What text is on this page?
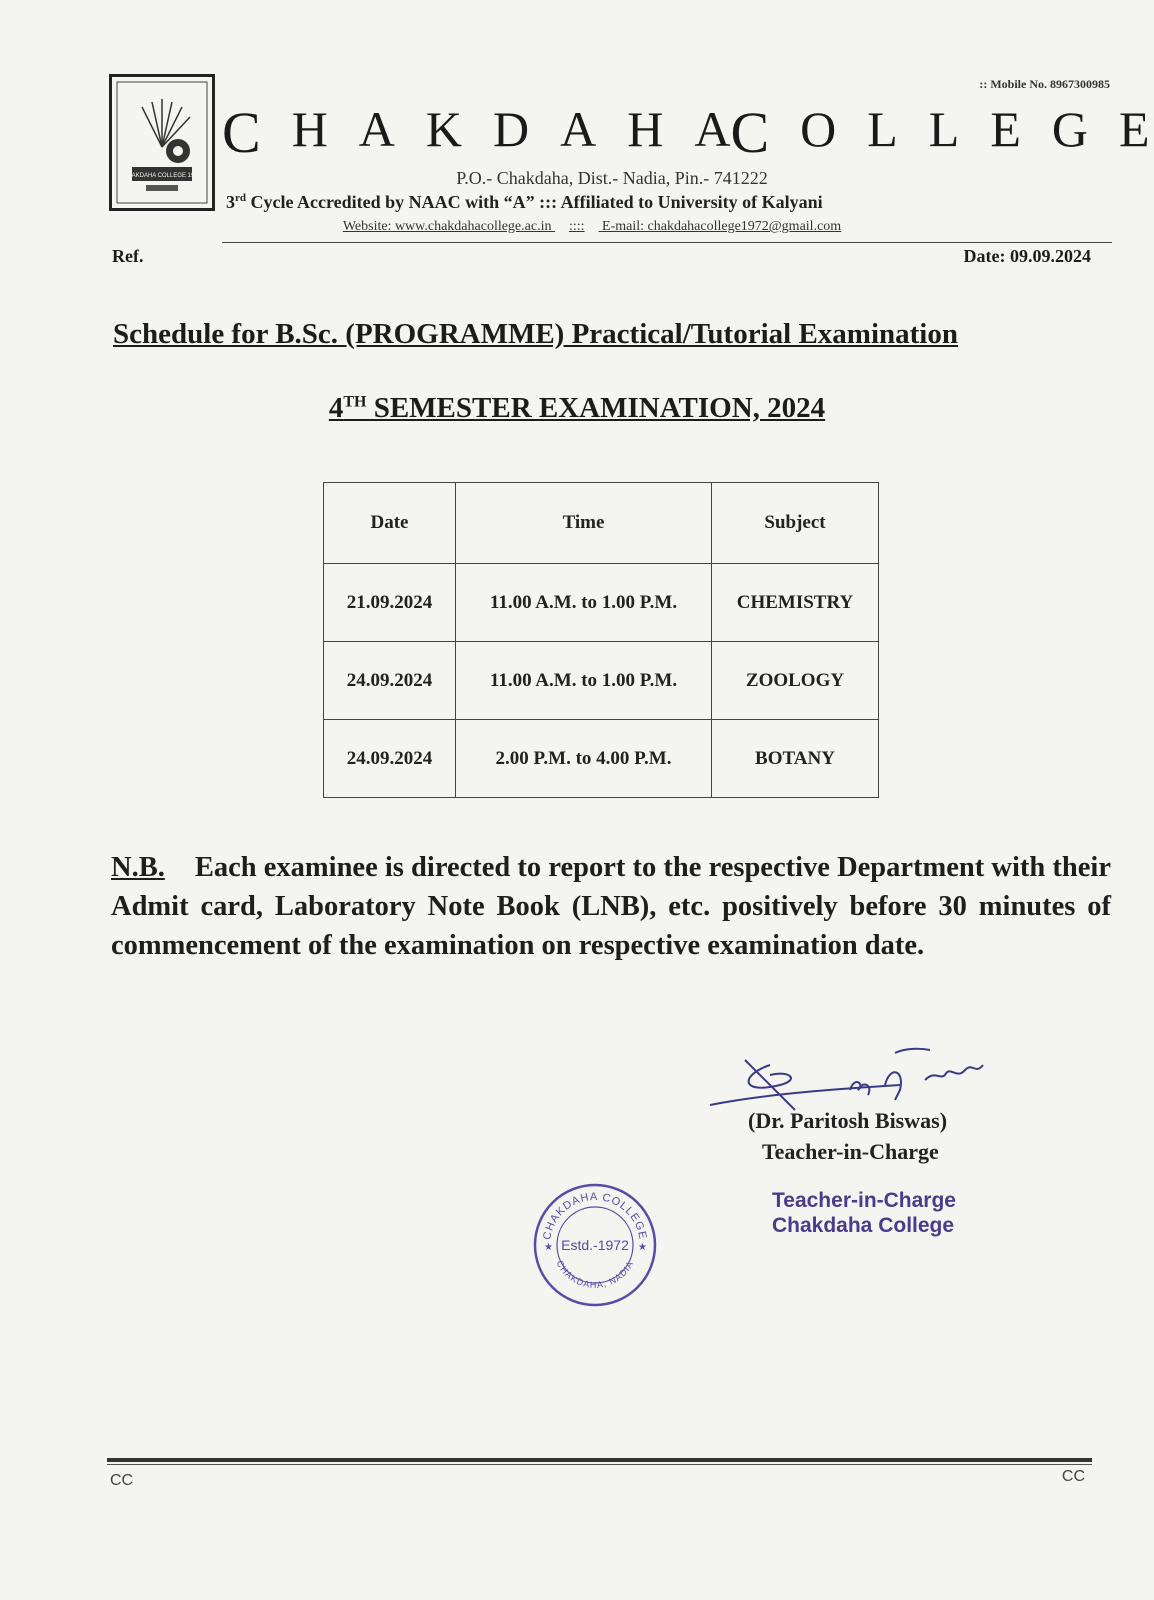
CHAKDAHA COLLEGE 1972
:: Mobile No. 8967300985
C H A K D A H A C O L L E G E
P.O.- Chakdaha, Dist.- Nadia, Pin.- 741222
3rd Cycle Accredited by NAAC with “A” ::: Affiliated to University of Kalyani
Website: www.chakdahacollege.ac.in :::: E-mail: chakdahacollege1972@gmail.com
Ref.	Date: 09.09.2024
Schedule for B.Sc. (PROGRAMME) Practical/Tutorial Examination
4TH SEMESTER EXAMINATION, 2024
Date	Time	Subject
21.09.2024	11.00 A.M. to 1.00 P.M.	CHEMISTRY
24.09.2024	11.00 A.M. to 1.00 P.M.	ZOOLOGY
24.09.2024	2.00 P.M. to 4.00 P.M.	BOTANY
N.B. Each examinee is directed to report to the respective Department with their Admit card, Laboratory Note Book (LNB), etc. positively before 30 minutes of commencement of the examination on respective examination date.
(Dr. Paritosh Biswas)
Teacher-in-Charge
Teacher-in-Charge
Chakdaha College
CHAKDAHA COLLEGE
Estd.-1972
CHAKDAHA, NADIA
★	★
CC	CC
